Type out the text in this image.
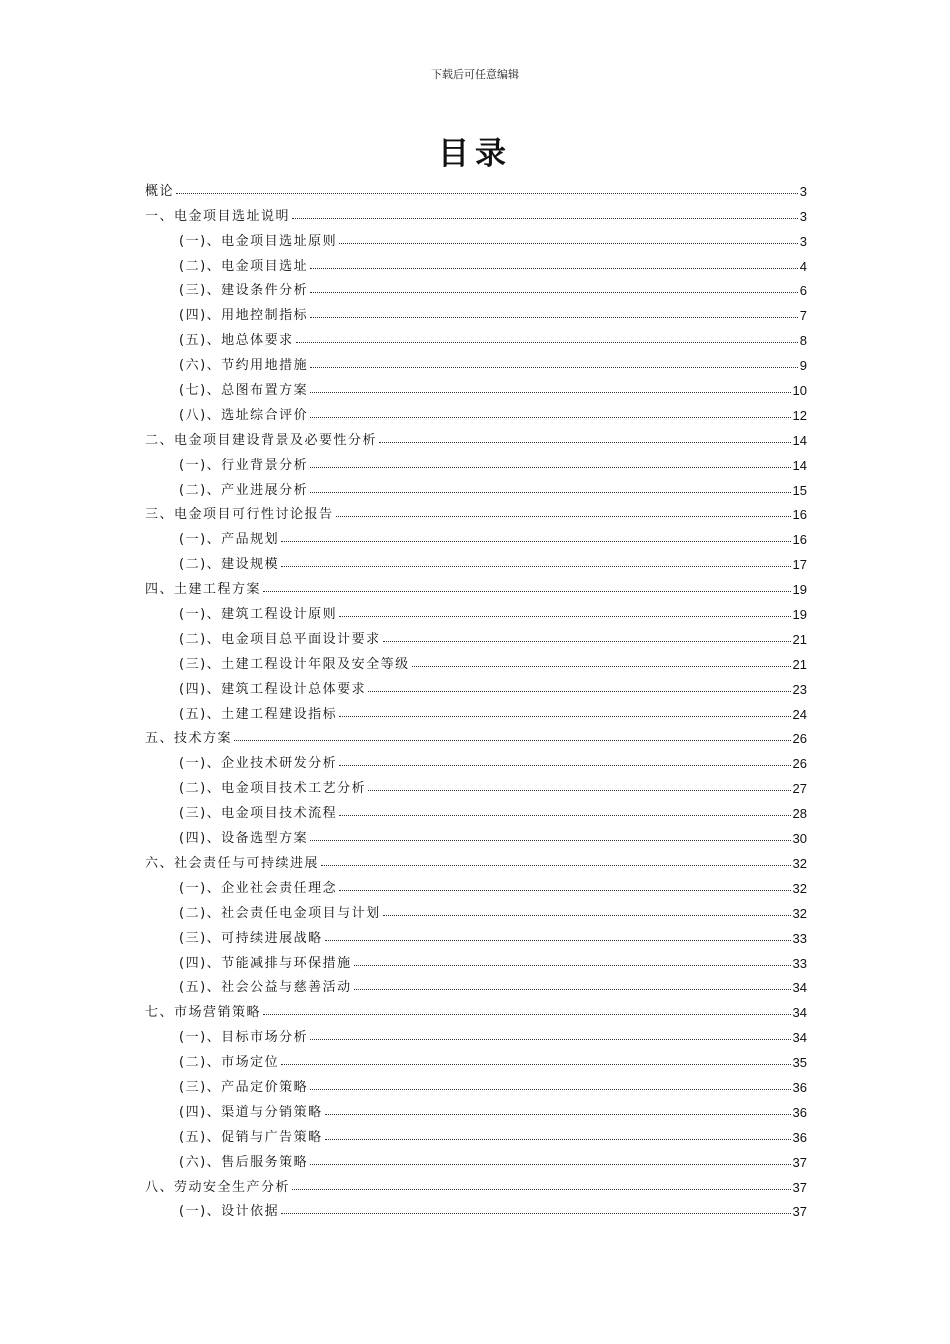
下载后可任意编辑
目录
概论	3
一、电金项目选址说明	3
(一)、电金项目选址原则	3
(二)、电金项目选址	4
(三)、建设条件分析	6
(四)、用地控制指标	7
(五)、地总体要求	8
(六)、节约用地措施	9
(七)、总图布置方案	10
(八)、选址综合评价	12
二、电金项目建设背景及必要性分析	14
(一)、行业背景分析	14
(二)、产业进展分析	15
三、电金项目可行性讨论报告	16
(一)、产品规划	16
(二)、建设规模	17
四、土建工程方案	19
(一)、建筑工程设计原则	19
(二)、电金项目总平面设计要求	21
(三)、土建工程设计年限及安全等级	21
(四)、建筑工程设计总体要求	23
(五)、土建工程建设指标	24
五、技术方案	26
(一)、企业技术研发分析	26
(二)、电金项目技术工艺分析	27
(三)、电金项目技术流程	28
(四)、设备选型方案	30
六、社会责任与可持续进展	32
(一)、企业社会责任理念	32
(二)、社会责任电金项目与计划	32
(三)、可持续进展战略	33
(四)、节能减排与环保措施	33
(五)、社会公益与慈善活动	34
七、市场营销策略	34
(一)、目标市场分析	34
(二)、市场定位	35
(三)、产品定价策略	36
(四)、渠道与分销策略	36
(五)、促销与广告策略	36
(六)、售后服务策略	37
八、劳动安全生产分析	37
(一)、设计依据	37
